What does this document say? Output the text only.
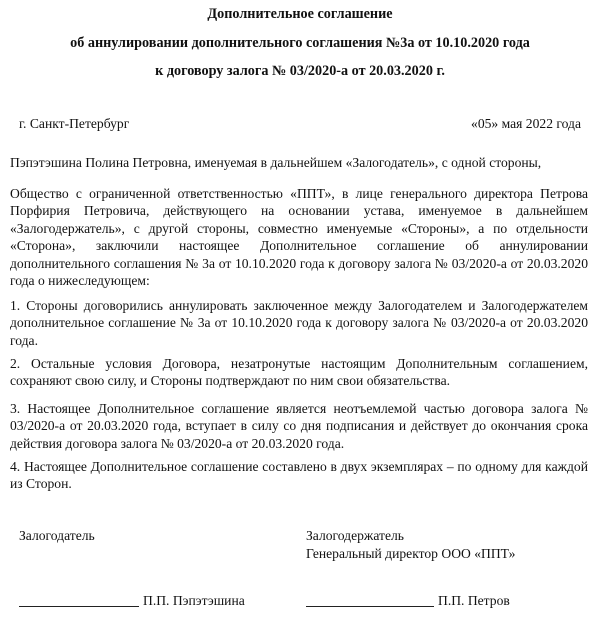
Дополнительное соглашение
об аннулировании дополнительного соглашения №3а от 10.10.2020 года
к договору залога № 03/2020-а от 20.03.2020 г.
г. Санкт-Петербург	«05» мая 2022 года
Пэпэтэшина Полина Петровна, именуемая в дальнейшем «Залогодатель», с одной стороны,
Общество с ограниченной ответственностью «ППТ», в лице генерального директора Петрова Порфирия Петровича, действующего на основании устава, именуемое в дальнейшем «Залогодержатель», с другой стороны, совместно именуемые «Стороны», а по отдельности «Сторона», заключили настоящее Дополнительное соглашение об аннулировании дополнительного соглашения № 3а от 10.10.2020 года к договору залога № 03/2020-а от 20.03.2020 года о нижеследующем:
1. Стороны договорились аннулировать заключенное между Залогодателем и Залогодержателем дополнительное соглашение № 3а от 10.10.2020 года к договору залога № 03/2020-а от 20.03.2020 года.
2. Остальные условия Договора, незатронутые настоящим Дополнительным соглашением, сохраняют свою силу, и Стороны подтверждают по ним свои обязательства.
3. Настоящее Дополнительное соглашение является неотъемлемой частью договора залога № 03/2020-а от 20.03.2020 года, вступает в силу со дня подписания и действует до окончания срока действия договора залога № 03/2020-а от 20.03.2020 года.
4. Настоящее Дополнительное соглашение составлено в двух экземплярах – по одному для каждой из Сторон.
Залогодатель	Залогодержатель
Генеральный директор ООО «ППТ»
П.П. Пэпэтэшина	П.П. Петров
